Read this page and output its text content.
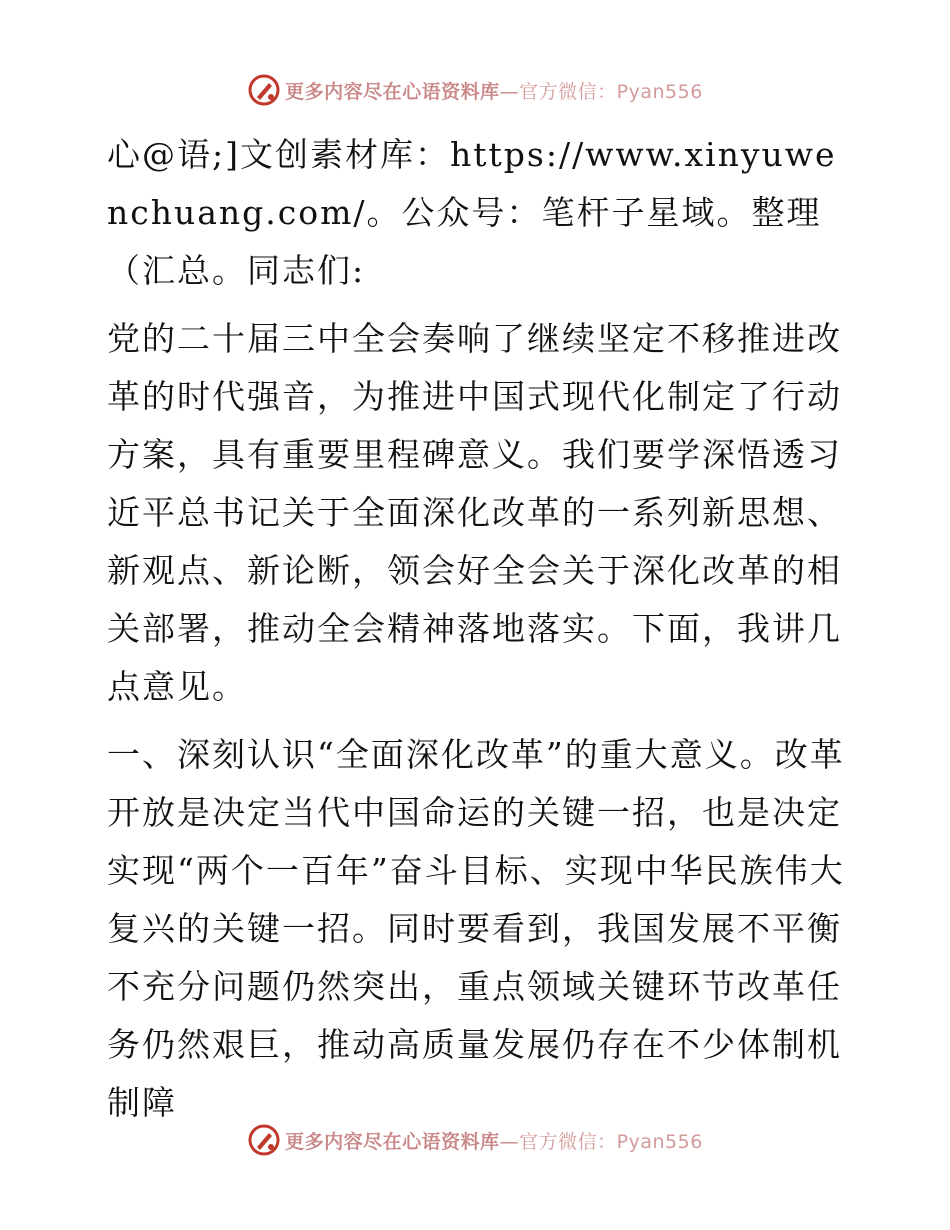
更多内容尽在心语资料库—官方微信：Pyan556

心@语;]文创素材库：https://www.xinyuwenchuang.com/。公众号：笔杆子星域。整理（汇总。同志们:

党的二十届三中全会奏响了继续坚定不移推进改革的时代强音，为推进中国式现代化制定了行动方案，具有重要里程碑意义。我们要学深悟透习近平总书记关于全面深化改革的一系列新思想、新观点、新论断，领会好全会关于深化改革的相关部署，推动全会精神落地落实。下面，我讲几点意见。

一、深刻认识“全面深化改革”的重大意义。改革开放是决定当代中国命运的关键一招，也是决定实现“两个一百年”奋斗目标、实现中华民族伟大复兴的关键一招。同时要看到，我国发展不平衡不充分问题仍然突出，重点领域关键环节改革任务仍然艰巨，推动高质量发展仍存在不少体制机制障

更多内容尽在心语资料库—官方微信：Pyan556
